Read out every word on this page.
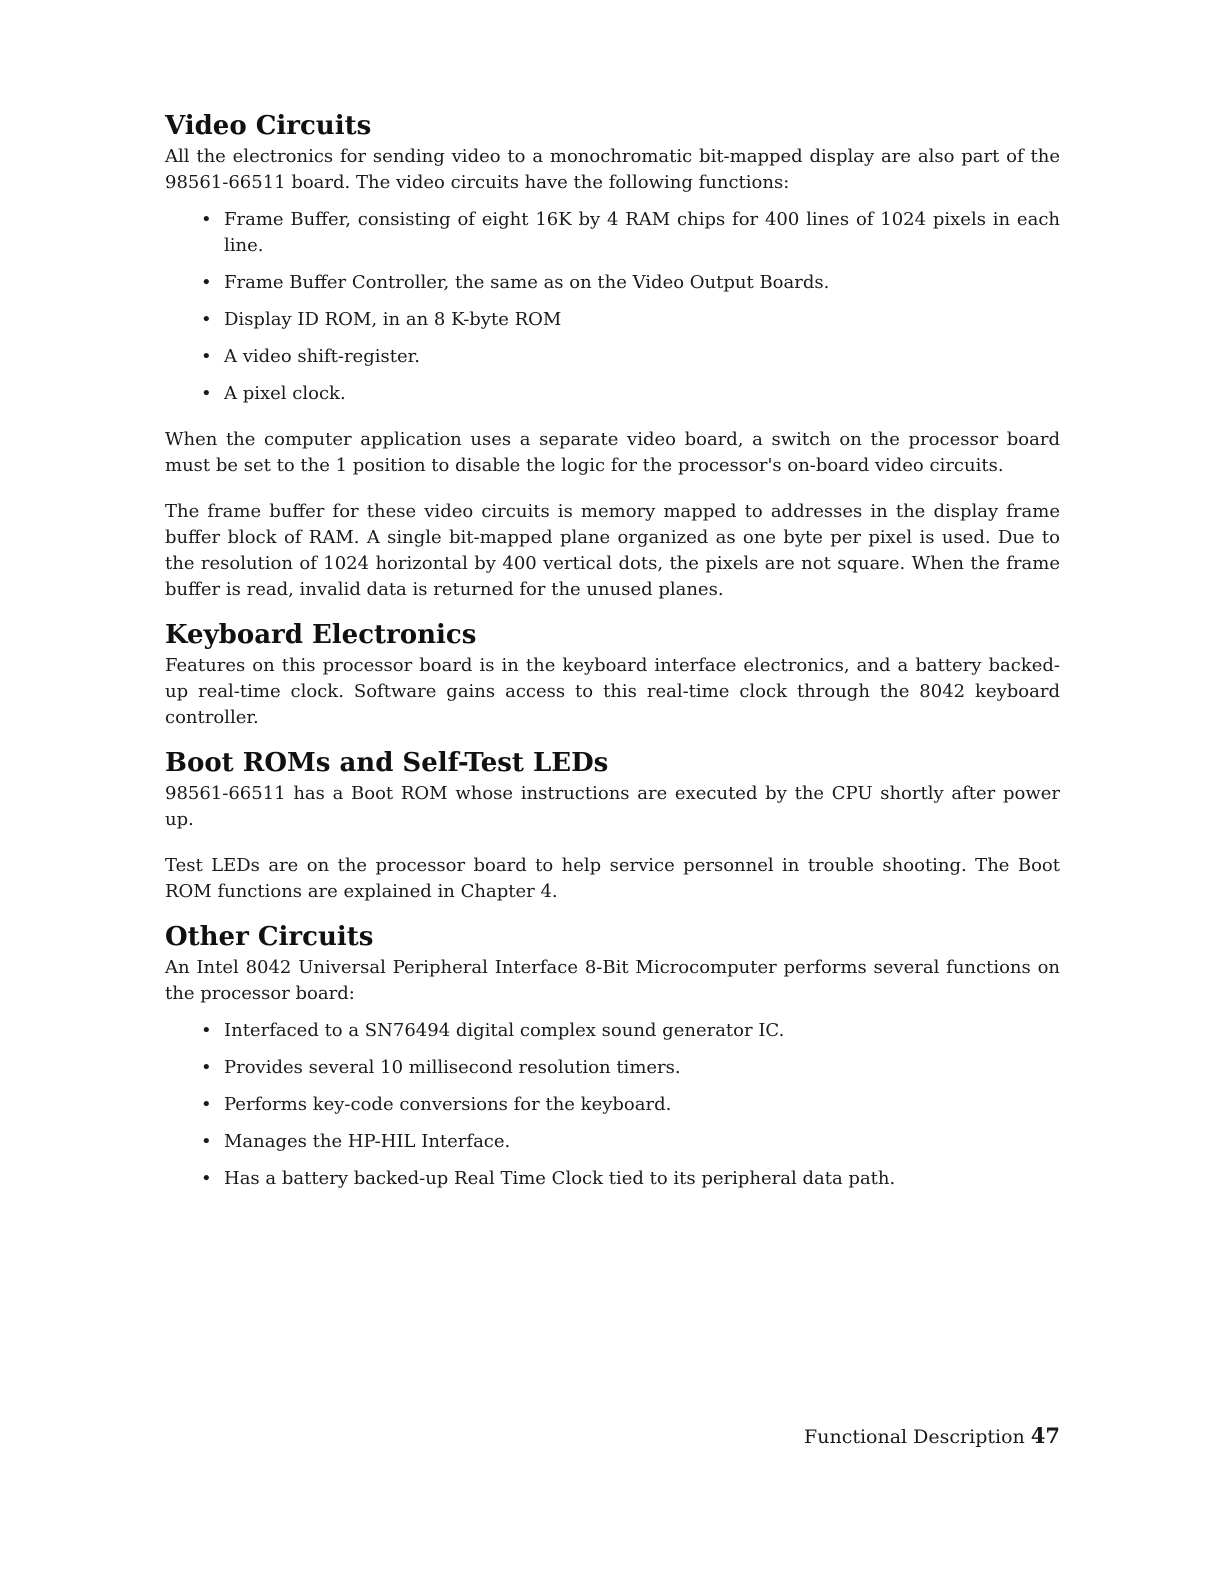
Video Circuits

All the electronics for sending video to a monochromatic bit-mapped display are also part of the 98561-66511 board. The video circuits have the following functions:

• Frame Buffer, consisting of eight 16K by 4 RAM chips for 400 lines of 1024 pixels in each line.
• Frame Buffer Controller, the same as on the Video Output Boards.
• Display ID ROM, in an 8 K-byte ROM
• A video shift-register.
• A pixel clock.

When the computer application uses a separate video board, a switch on the processor board must be set to the 1 position to disable the logic for the processor's on-board video circuits.

The frame buffer for these video circuits is memory mapped to addresses in the display frame buffer block of RAM. A single bit-mapped plane organized as one byte per pixel is used. Due to the resolution of 1024 horizontal by 400 vertical dots, the pixels are not square. When the frame buffer is read, invalid data is returned for the unused planes.

Keyboard Electronics

Features on this processor board is in the keyboard interface electronics, and a battery backed-up real-time clock. Software gains access to this real-time clock through the 8042 keyboard controller.

Boot ROMs and Self-Test LEDs

98561-66511 has a Boot ROM whose instructions are executed by the CPU shortly after power up.

Test LEDs are on the processor board to help service personnel in trouble shooting. The Boot ROM functions are explained in Chapter 4.

Other Circuits

An Intel 8042 Universal Peripheral Interface 8-Bit Microcomputer performs several functions on the processor board:

• Interfaced to a SN76494 digital complex sound generator IC.
• Provides several 10 millisecond resolution timers.
• Performs key-code conversions for the keyboard.
• Manages the HP-HIL Interface.
• Has a battery backed-up Real Time Clock tied to its peripheral data path.
Functional Description 47
